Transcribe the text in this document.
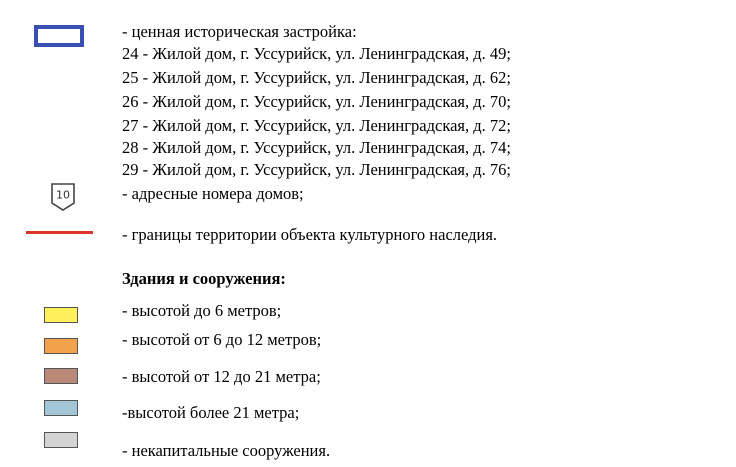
- ценная историческая застройка:
24 - Жилой дом, г. Уссурийск, ул. Ленинградская, д. 49;
25 - Жилой дом, г. Уссурийск, ул. Ленинградская, д. 62;
26 - Жилой дом, г. Уссурийск, ул. Ленинградская, д. 70;
27 - Жилой дом, г. Уссурийск, ул. Ленинградская, д. 72;
28 - Жилой дом, г. Уссурийск, ул. Ленинградская, д. 74;
29 - Жилой дом, г. Уссурийск, ул. Ленинградская, д. 76;
10	- адресные номера домов;
- границы территории объекта культурного наследия.
Здания и сооружения:
- высотой до 6 метров;
- высотой от 6 до 12 метров;
- высотой от 12 до 21 метра;
-высотой более 21 метра;
- некапитальные сооружения.
